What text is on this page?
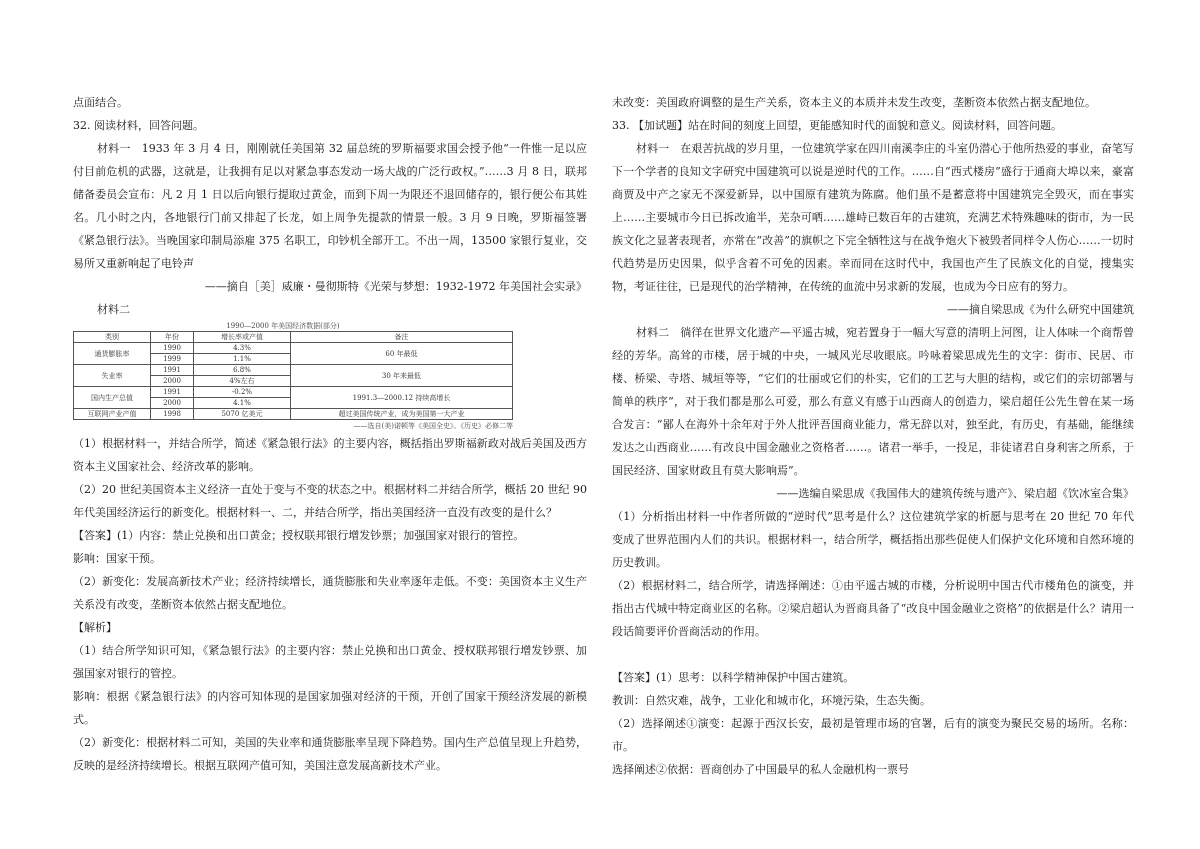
点面结合。

32. 阅读材料，回答问题。

材料一　1933 年 3 月 4 日，刚刚就任美国第 32 届总统的罗斯福要求国会授予他“一件惟一足以应付目前危机的武器，这就是，让我拥有足以对紧急事态发动一场大战的广泛行政权。”……3 月 8 日，联邦储备委员会宣布：凡 2 月 1 日以后向银行提取过黄金，而到下周一为限还不退回储存的，银行便公布其姓名。几小时之内，各地银行门前又排起了长龙，如上周争先提款的情景一般。3 月 9 日晚，罗斯福签署《紧急银行法》。当晚国家印制局添雇 375 名职工，印钞机全部开工。不出一周，13500 家银行复业，交易所又重新响起了电铃声

——摘自［美］威廉・曼彻斯特《光荣与梦想：1932-1972 年美国社会实录》

材料二

1990—2000 年美国经济数据(部分)
类别	年份	增长率或产值	备注
通货膨胀率	1990	4.3%	60 年最低
	1999	1.1%	
失业率	1991	6.8%	30 年来最低
	2000	4%左右	
国内生产总值	1991	-0.2%	1991.3—2000.12 持续高增长
	2000	4.1%	
互联网产业产值	1998	5070 亿美元	超过美国传统产业，成为美国第一大产业
——选自(美)诺顿等《美国全史》、《历史》必修二等

（1）根据材料一，并结合所学，简述《紧急银行法》的主要内容，概括指出罗斯福新政对战后美国及西方资本主义国家社会、经济改革的影响。

（2）20 世纪美国资本主义经济一直处于变与不变的状态之中。根据材料二并结合所学，概括 20 世纪 90 年代美国经济运行的新变化。根据材料一、二，并结合所学，指出美国经济一直没有改变的是什么？

【答案】(1）内容：禁止兑换和出口黄金；授权联邦银行增发钞票；加强国家对银行的管控。

影响：国家干预。

（2）新变化：发展高新技术产业；经济持续增长，通货膨胀和失业率逐年走低。不变：美国资本主义生产关系没有改变，垄断资本依然占据支配地位。

【解析】

（1）结合所学知识可知，《紧急银行法》的主要内容：禁止兑换和出口黄金、授权联邦银行增发钞票、加强国家对银行的管控。

影响：根据《紧急银行法》的内容可知体现的是国家加强对经济的干预，开创了国家干预经济发展的新模式。

（2）新变化：根据材料二可知，美国的失业率和通货膨胀率呈现下降趋势。国内生产总值呈现上升趋势，反映的是经济持续增长。根据互联网产值可知，美国注意发展高新技术产业。

未改变：美国政府调整的是生产关系，资本主义的本质并未发生改变，垄断资本依然占据支配地位。

33. 【加试题】站在时间的刻度上回望，更能感知时代的面貌和意义。阅读材料，回答问题。

材料一　在艰苦抗战的岁月里，一位建筑学家在四川南溪李庄的斗室仍潜心于他所热爱的事业，奋笔写下一个学者的良知文字研究中国建筑可以说是逆时代的工作。……自“西式楼房”盛行于通商大埠以来，豪富商贾及中产之家无不深爱新异，以中国原有建筑为陈腐。他们虽不是蓄意将中国建筑完全毁灭，而在事实上……主要城市今日已拆改逾半，芜杂可哂……雄峙已数百年的古建筑，充满艺术特殊趣味的街市，为一民族文化之显著表现者，亦常在“改善”的旗帜之下完全牺牲这与在战争炮火下被毁者同样令人伤心……一切时代趋势是历史因果，似乎含着不可免的因素。幸而同在这时代中，我国也产生了民族文化的自觉，搜集实物，考证往往，已是现代的治学精神，在传统的血流中另求新的发展，也成为今日应有的努力。

——摘自梁思成《为什么研究中国建筑

材料二　徜徉在世界文化遗产—平遥古城，宛若置身于一幅大写意的清明上河图，让人体味一个商帮曾经的芳华。高耸的市楼，居于城的中央，一城风光尽收眼底。吟咏着梁思成先生的文字：街市、民居、市楼、桥梁、寺塔、城垣等等，“它们的壮丽或它们的朴实，它们的工艺与大胆的结构，或它们的宗切部署与简单的秩序”，对于我们都是那么可爱，那么有意义有感于山西商人的创造力，梁启超任公先生曾在某一场合发言：“鄙人在海外十余年对于外人批评吾国商业能力，常无辞以对，独至此，有历史，有基础，能继续发达之山西商业……有改良中国金融业之资格者……。诸君一举手，一投足，非徒诸君自身利害之所系，于国民经济、国家财政且有莫大影响焉”。

——选编自梁思成《我国伟大的建筑传统与遗产》、梁启超《饮冰室合集》

（1）分析指出材料一中作者所做的“逆时代”思考是什么？这位建筑学家的析愿与思考在 20 世纪 70 年代变成了世界范围内人们的共识。根据材料一，结合所学，概括指出那些促使人们保护文化环境和自然环境的历史教训。

（2）根据材料二，结合所学，请选择阐述：①由平遥古城的市楼，分析说明中国古代市楼角色的演变，并指出古代城中特定商业区的名称。②梁启超认为晋商具备了“改良中国金融业之资格”的依据是什么？请用一段话简要评价晋商活动的作用。

【答案】(1）思考：以科学精神保护中国古建筑。

教训：自然灾难，战争，工业化和城市化，环境污染，生态失衡。

（2）选择阐述①演变：起源于西汉长安，最初是管理市场的官署，后有的演变为聚民交易的场所。名称：市。

选择阐述②依据：晋商创办了中国最早的私人金融机构一票号
